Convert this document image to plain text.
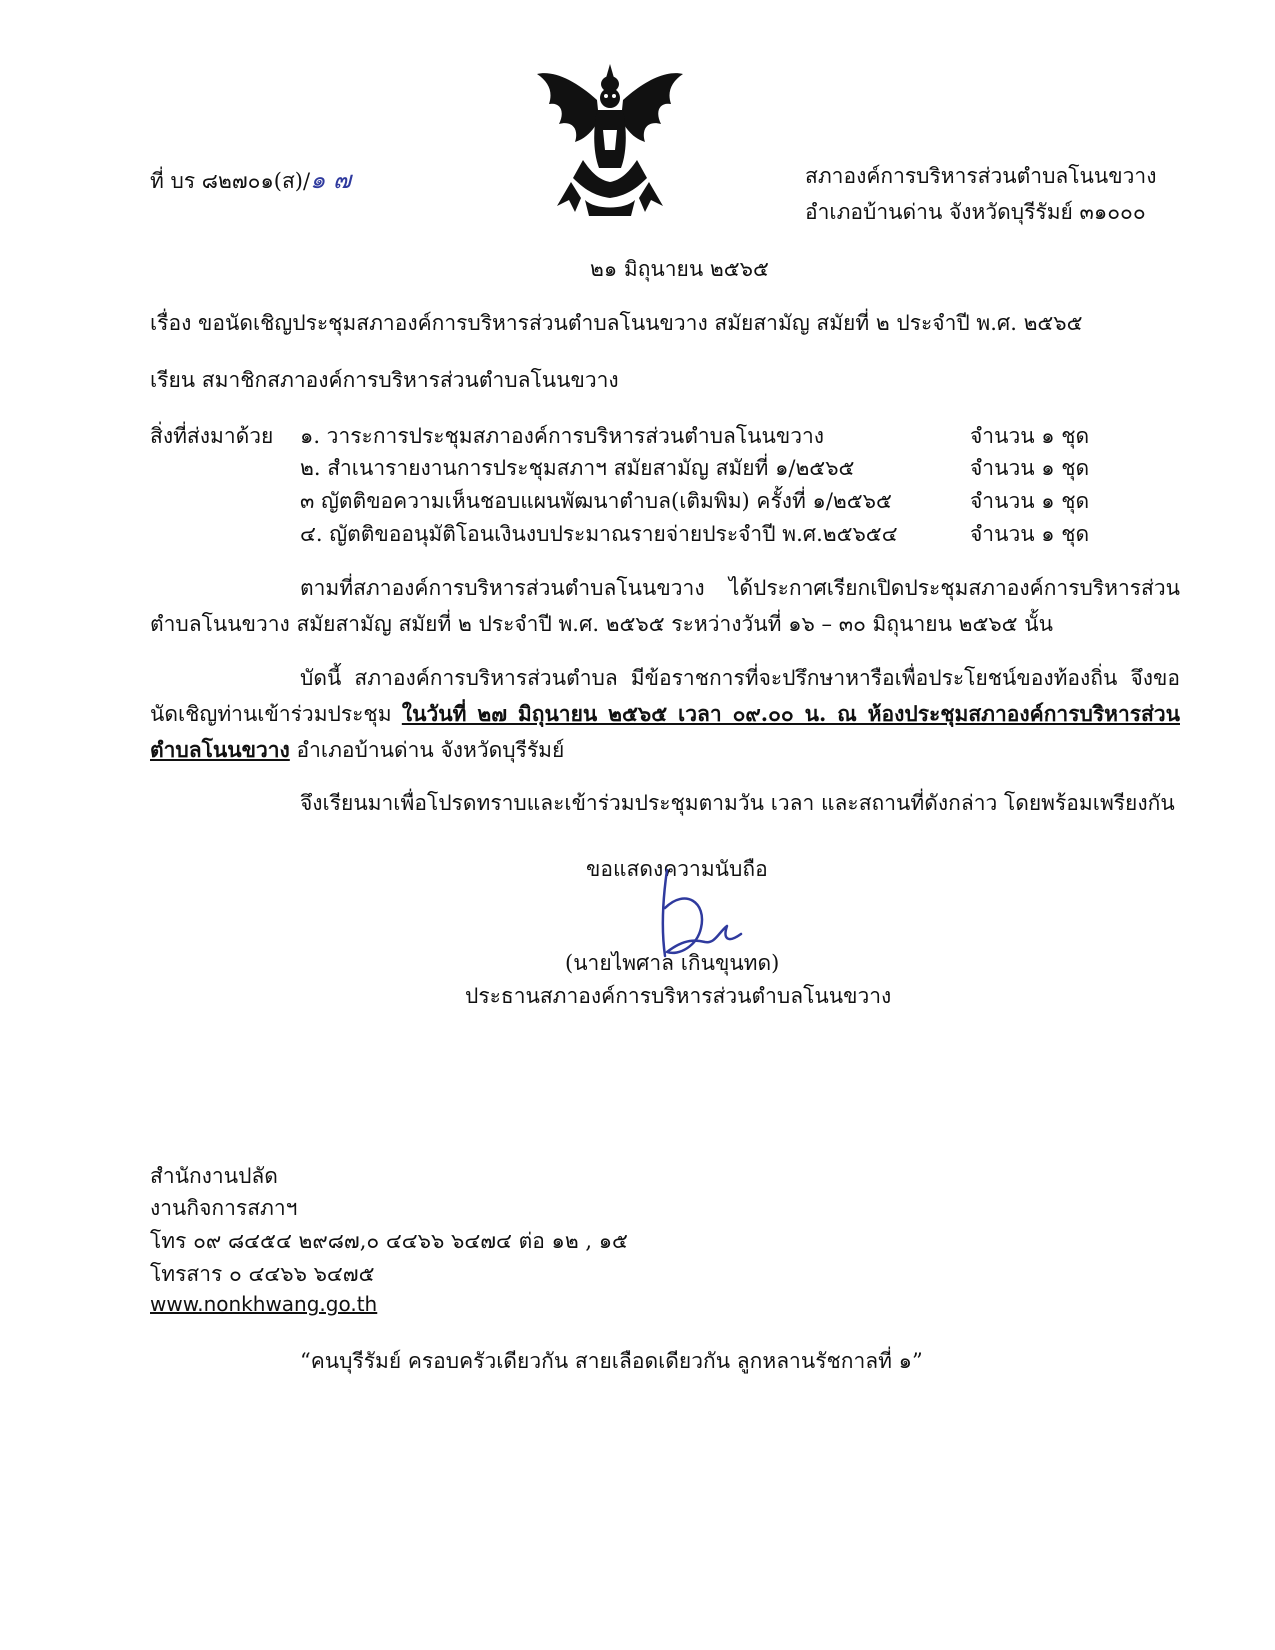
ที่ บร ๘๒๗๐๑(ส)/๑ ๗	สภาองค์การบริหารส่วนตำบลโนนขวาง
อำเภอบ้านด่าน จังหวัดบุรีรัมย์ ๓๑๐๐๐
๒๑ มิถุนายน ๒๕๖๕
เรื่อง ขอนัดเชิญประชุมสภาองค์การบริหารส่วนตำบลโนนขวาง สมัยสามัญ สมัยที่ ๒ ประจำปี พ.ศ. ๒๕๖๕
เรียน สมาชิกสภาองค์การบริหารส่วนตำบลโนนขวาง
สิ่งที่ส่งมาด้วย ๑. วาระการประชุมสภาองค์การบริหารส่วนตำบลโนนขวาง	จำนวน ๑ ชุด
๒. สำเนารายงานการประชุมสภาฯ สมัยสามัญ สมัยที่ ๑/๒๕๖๕	จำนวน ๑ ชุด
๓ ญัตติขอความเห็นชอบแผนพัฒนาตำบล(เติมพิม) ครั้งที่ ๑/๒๕๖๕	จำนวน ๑ ชุด
๔. ญัตติขออนุมัติโอนเงินงบประมาณรายจ่ายประจำปี พ.ศ.๒๕๖๕๔	จำนวน ๑ ชุด
ตามที่สภาองค์การบริหารส่วนตำบลโนนขวาง ได้ประกาศเรียกเปิดประชุมสภาองค์การบริหารส่วนตำบลโนนขวาง สมัยสามัญ สมัยที่ ๒ ประจำปี พ.ศ. ๒๕๖๕ ระหว่างวันที่ ๑๖ – ๓๐ มิถุนายน ๒๕๖๕ นั้น
บัดนี้ สภาองค์การบริหารส่วนตำบล มีข้อราชการที่จะปรึกษาหารือเพื่อประโยชน์ของท้องถิ่น จึงขอนัดเชิญท่านเข้าร่วมประชุม ในวันที่ ๒๗ มิถุนายน ๒๕๖๕ เวลา ๐๙.๐๐ น. ณ ห้องประชุมสภาองค์การบริหารส่วนตำบลโนนขวาง อำเภอบ้านด่าน จังหวัดบุรีรัมย์
จึงเรียนมาเพื่อโปรดทราบและเข้าร่วมประชุมตามวัน เวลา และสถานที่ดังกล่าว โดยพร้อมเพรียงกัน
ขอแสดงความนับถือ
(นายไพศาล เกินขุนทด)
ประธานสภาองค์การบริหารส่วนตำบลโนนขวาง
สำนักงานปลัด
งานกิจการสภาฯ
โทร ๐๙ ๘๔๕๔ ๒๙๘๗,๐ ๔๔๖๖ ๖๔๗๔ ต่อ ๑๒ , ๑๕
โทรสาร ๐ ๔๔๖๖ ๖๔๗๕
www.nonkhwang.go.th
“คนบุรีรัมย์ ครอบครัวเดียวกัน สายเลือดเดียวกัน ลูกหลานรัชกาลที่ ๑”
